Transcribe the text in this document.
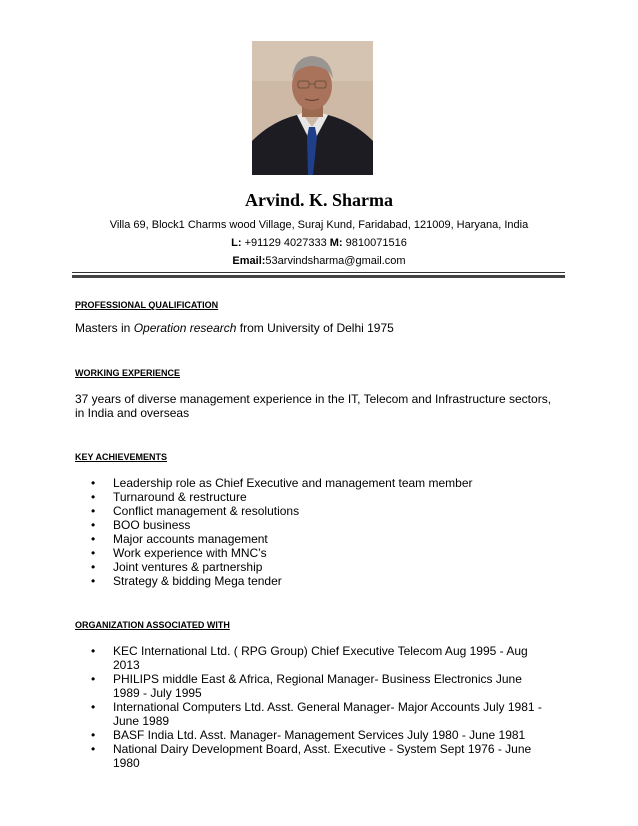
Arvind. K. Sharma
Villa 69, Block1 Charms wood Village, Suraj Kund, Faridabad, 121009, Haryana, India
L: +91129 4027333 M: 9810071516
Email:53arvindsharma@gmail.com
PROFESSIONAL QUALIFICATION
Masters in Operation research from University of Delhi 1975
WORKING EXPERIENCE
37 years of diverse management experience in the IT, Telecom and Infrastructure sectors, in India and overseas
KEY ACHIEVEMENTS
• Leadership role as Chief Executive and management team member
• Turnaround & restructure
• Conflict management & resolutions
• BOO business
• Major accounts management
• Work experience with MNC’s
• Joint ventures & partnership
• Strategy & bidding Mega tender
ORGANIZATION ASSOCIATED WITH
• KEC International Ltd. ( RPG Group) Chief Executive Telecom Aug 1995 - Aug 2013
• PHILIPS middle East & Africa, Regional Manager- Business Electronics June 1989 - July 1995
• International Computers Ltd. Asst. General Manager- Major Accounts July 1981 - June 1989
• BASF India Ltd. Asst. Manager- Management Services July 1980 - June 1981
• National Dairy Development Board, Asst. Executive - System Sept 1976 - June 1980
